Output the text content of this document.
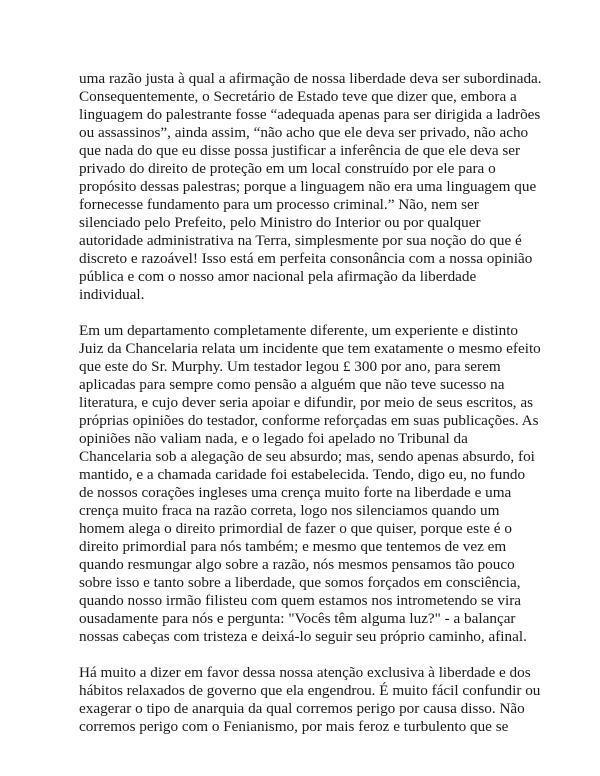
uma razão justa à qual a afirmação de nossa liberdade deva ser subordinada.
Consequentemente, o Secretário de Estado teve que dizer que, embora a
linguagem do palestrante fosse “adequada apenas para ser dirigida a ladrões
ou assassinos”, ainda assim, “não acho que ele deva ser privado, não acho
que nada do que eu disse possa justificar a inferência de que ele deva ser
privado do direito de proteção em um local construído por ele para o
propósito dessas palestras; porque a linguagem não era uma linguagem que
fornecesse fundamento para um processo criminal.” Não, nem ser
silenciado pelo Prefeito, pelo Ministro do Interior ou por qualquer
autoridade administrativa na Terra, simplesmente por sua noção do que é
discreto e razoável! Isso está em perfeita consonância com a nossa opinião
pública e com o nosso amor nacional pela afirmação da liberdade
individual.

Em um departamento completamente diferente, um experiente e distinto
Juiz da Chancelaria relata um incidente que tem exatamente o mesmo efeito
que este do Sr. Murphy. Um testador legou £ 300 por ano, para serem
aplicadas para sempre como pensão a alguém que não teve sucesso na
literatura, e cujo dever seria apoiar e difundir, por meio de seus escritos, as
próprias opiniões do testador, conforme reforçadas em suas publicações. As
opiniões não valiam nada, e o legado foi apelado no Tribunal da
Chancelaria sob a alegação de seu absurdo; mas, sendo apenas absurdo, foi
mantido, e a chamada caridade foi estabelecida. Tendo, digo eu, no fundo
de nossos corações ingleses uma crença muito forte na liberdade e uma
crença muito fraca na razão correta, logo nos silenciamos quando um
homem alega o direito primordial de fazer o que quiser, porque este é o
direito primordial para nós também; e mesmo que tentemos de vez em
quando resmungar algo sobre a razão, nós mesmos pensamos tão pouco
sobre isso e tanto sobre a liberdade, que somos forçados em consciência,
quando nosso irmão filisteu com quem estamos nos intrometendo se vira
ousadamente para nós e pergunta: "Vocês têm alguma luz?" - a balançar
nossas cabeças com tristeza e deixá-lo seguir seu próprio caminho, afinal.

Há muito a dizer em favor dessa nossa atenção exclusiva à liberdade e dos
hábitos relaxados de governo que ela engendrou. É muito fácil confundir ou
exagerar o tipo de anarquia da qual corremos perigo por causa disso. Não
corremos perigo com o Fenianismo, por mais feroz e turbulento que se
